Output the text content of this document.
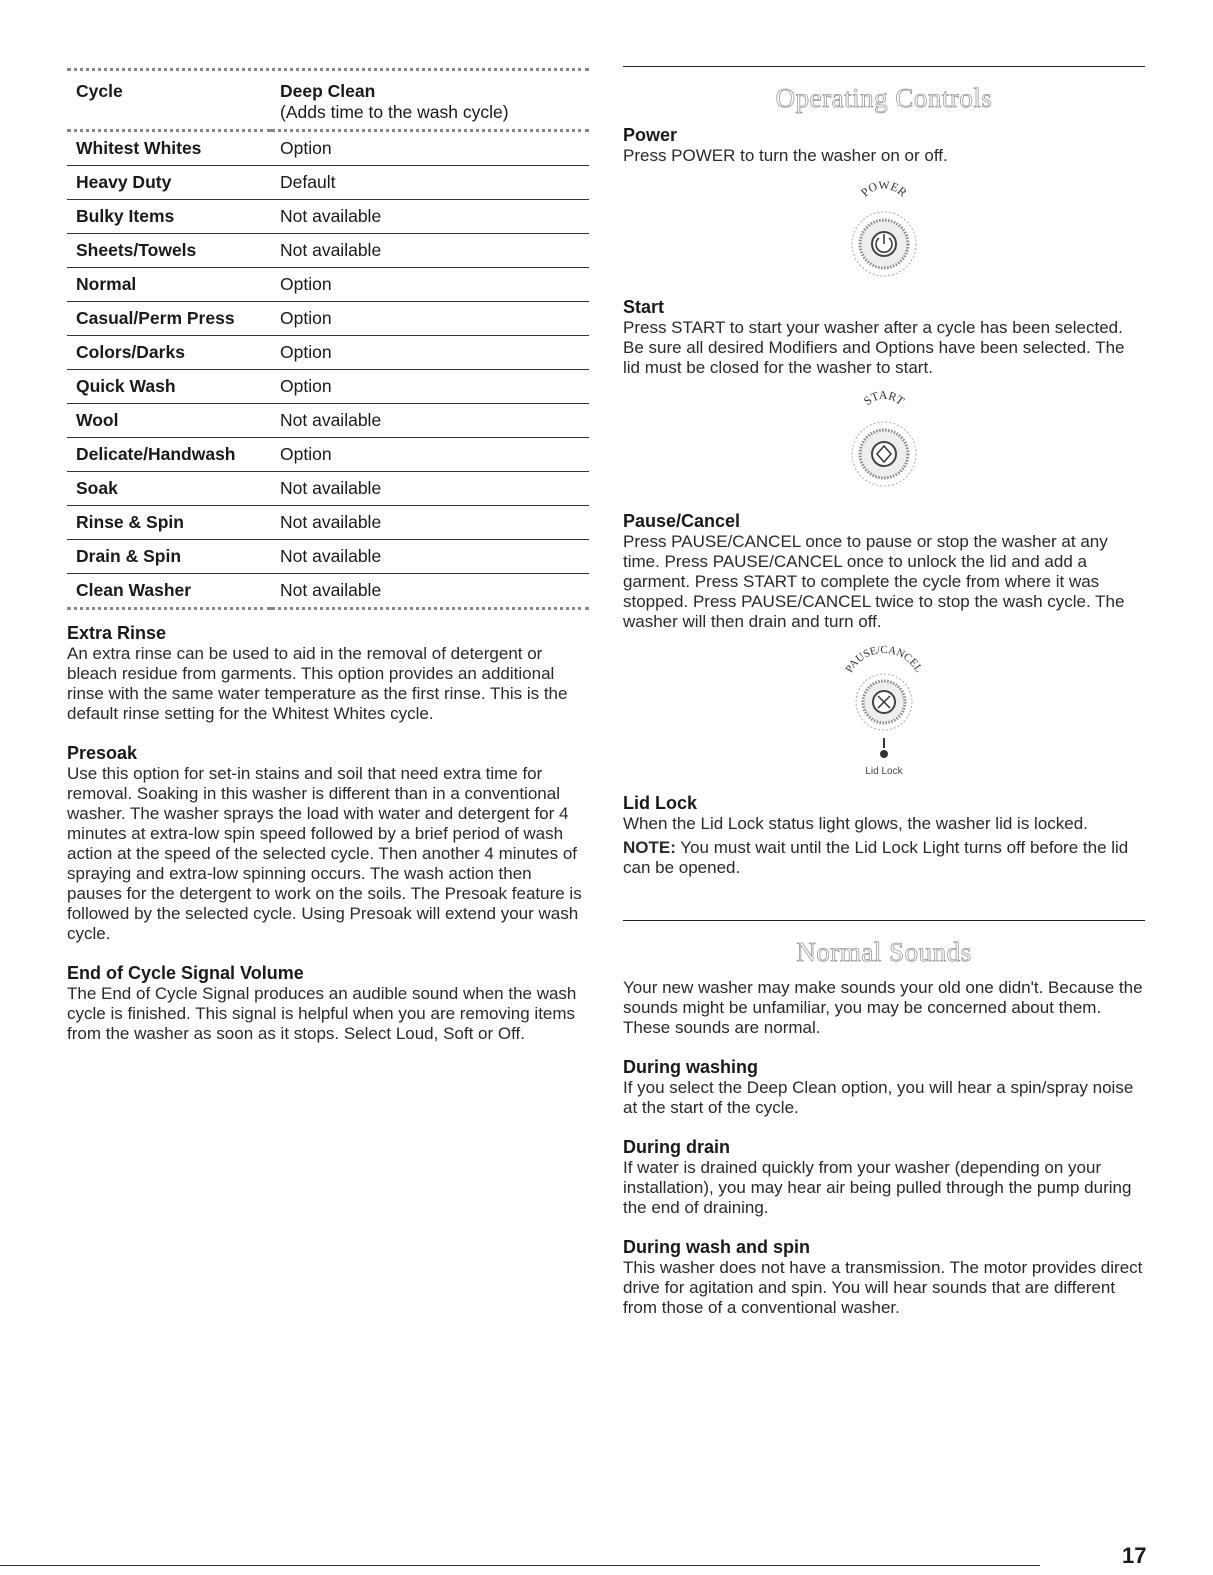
Cycle	Deep Clean
	(Adds time to the wash cycle)
Whitest Whites	Option
Heavy Duty	Default
Bulky Items	Not available
Sheets/Towels	Not available
Normal	Option
Casual/Perm Press	Option
Colors/Darks	Option
Quick Wash	Option
Wool	Not available
Delicate/Handwash	Option
Soak	Not available
Rinse & Spin	Not available
Drain & Spin	Not available
Clean Washer	Not available
Extra Rinse

An extra rinse can be used to aid in the removal of detergent or bleach residue from garments. This option provides an additional rinse with the same water temperature as the first rinse. This is the default rinse setting for the Whitest Whites cycle.

Presoak

Use this option for set-in stains and soil that need extra time for removal. Soaking in this washer is different than in a conventional washer. The washer sprays the load with water and detergent for 4 minutes at extra-low spin speed followed by a brief period of wash action at the speed of the selected cycle. Then another 4 minutes of spraying and extra-low spinning occurs. The wash action then pauses for the detergent to work on the soils. The Presoak feature is followed by the selected cycle. Using Presoak will extend your wash cycle.

End of Cycle Signal Volume

The End of Cycle Signal produces an audible sound when the wash cycle is finished. This signal is helpful when you are removing items from the washer as soon as it stops. Select Loud, Soft or Off.

Operating Controls
Power

Press POWER to turn the washer on or off.

POWER
Start

Press START to start your washer after a cycle has been selected. Be sure all desired Modifiers and Options have been selected. The lid must be closed for the washer to start.

START
Pause/Cancel

Press PAUSE/CANCEL once to pause or stop the washer at any time. Press PAUSE/CANCEL once to unlock the lid and add a garment. Press START to complete the cycle from where it was stopped. Press PAUSE/CANCEL twice to stop the wash cycle. The washer will then drain and turn off.

PAUSE/CANCEL
Lid Lock
Lid Lock

When the Lid Lock status light glows, the washer lid is locked.

NOTE: You must wait until the Lid Lock Light turns off before the lid can be opened.

Normal Sounds

Your new washer may make sounds your old one didn't. Because the sounds might be unfamiliar, you may be concerned about them. These sounds are normal.

During washing

If you select the Deep Clean option, you will hear a spin/spray noise at the start of the cycle.

During drain

If water is drained quickly from your washer (depending on your installation), you may hear air being pulled through the pump during the end of draining.

During wash and spin

This washer does not have a transmission. The motor provides direct drive for agitation and spin. You will hear sounds that are different from those of a conventional washer.

17
